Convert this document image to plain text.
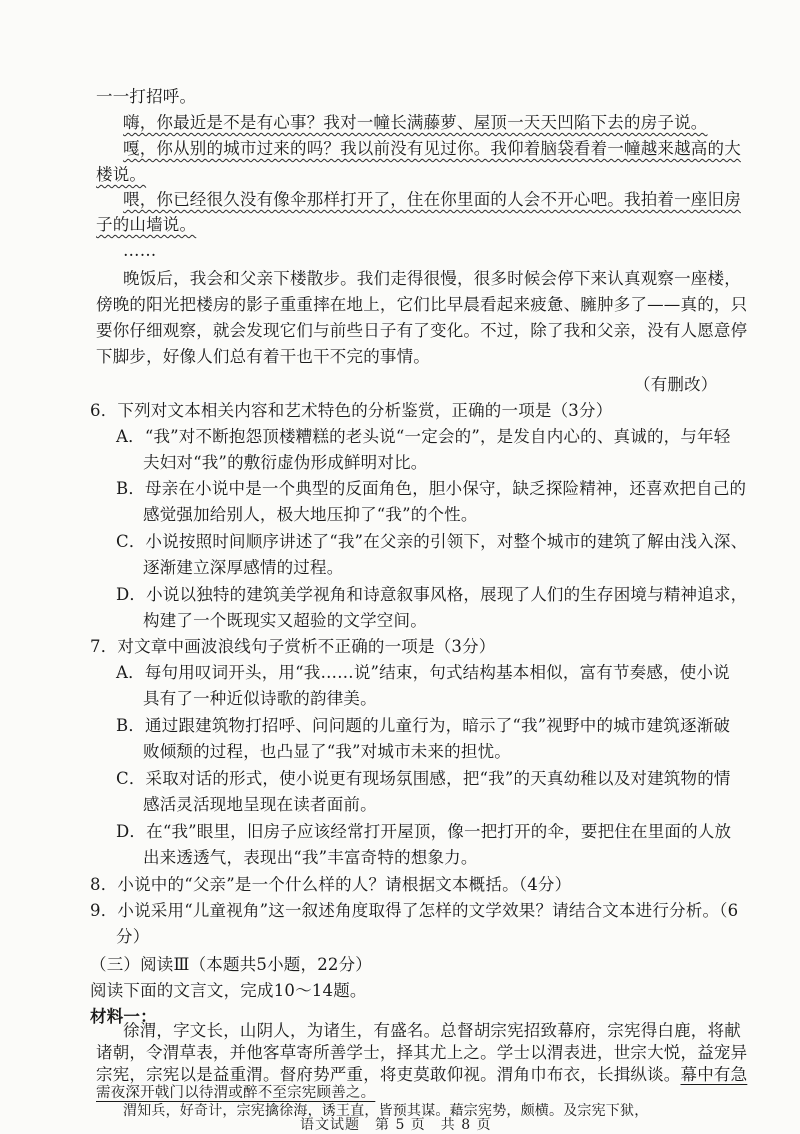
一一打招呼。
嗨，你最近是不是有心事？我对一幢长满藤萝、屋顶一天天凹陷下去的房子说。
嘎，你从别的城市过来的吗？我以前没有见过你。我仰着脑袋看着一幢越来越高的大
楼说。
喂，你已经很久没有像伞那样打开了，住在你里面的人会不开心吧。我拍着一座旧房
子的山墙说。
……
晚饭后，我会和父亲下楼散步。我们走得很慢，很多时候会停下来认真观察一座楼，
傍晚的阳光把楼房的影子重重摔在地上，它们比早晨看起来疲惫、臃肿多了——真的，只
要你仔细观察，就会发现它们与前些日子有了变化。不过，除了我和父亲，没有人愿意停
下脚步，好像人们总有着干也干不完的事情。
（有删改）
6．下列对文本相关内容和艺术特色的分析鉴赏，正确的一项是（3分）
A．“我”对不断抱怨顶楼糟糕的老头说“一定会的”，是发自内心的、真诚的，与年轻
夫妇对“我”的敷衍虚伪形成鲜明对比。
B．母亲在小说中是一个典型的反面角色，胆小保守，缺乏探险精神，还喜欢把自己的
感觉强加给别人，极大地压抑了“我”的个性。
C．小说按照时间顺序讲述了“我”在父亲的引领下，对整个城市的建筑了解由浅入深、
逐渐建立深厚感情的过程。
D．小说以独特的建筑美学视角和诗意叙事风格，展现了人们的生存困境与精神追求，
构建了一个既现实又超验的文学空间。
7．对文章中画波浪线句子赏析不正确的一项是（3分）
A．每句用叹词开头，用“我……说”结束，句式结构基本相似，富有节奏感，使小说
具有了一种近似诗歌的韵律美。
B．通过跟建筑物打招呼、问问题的儿童行为，暗示了“我”视野中的城市建筑逐渐破
败倾颓的过程，也凸显了“我”对城市未来的担忧。
C．采取对话的形式，使小说更有现场氛围感，把“我”的天真幼稚以及对建筑物的情
感活灵活现地呈现在读者面前。
D．在“我”眼里，旧房子应该经常打开屋顶，像一把打开的伞，要把住在里面的人放
出来透透气，表现出“我”丰富奇特的想象力。
8．小说中的“父亲”是一个什么样的人？请根据文本概括。（4分）
9．小说采用“儿童视角”这一叙述角度取得了怎样的文学效果？请结合文本进行分析。（6
分）
（三）阅读Ⅲ（本题共5小题，22分）
阅读下面的文言文，完成10～14题。
材料一：
徐渭，字文长，山阴人，为诸生，有盛名。总督胡宗宪招致幕府，宗宪得白鹿，将献
诸朝，令渭草表，并他客草寄所善学士，择其尤上之。学士以渭表进，世宗大悦，益宠异
宗宪，宗宪以是益重渭。督府势严重，将吏莫敢仰视。渭角巾布衣，长揖纵谈。幕中有急
需夜深开戟门以待渭或醉不至宗宪顾善之。
语文试题　第 5 页　共 8 页
渭知兵，好奇计，宗宪擒徐海，诱王直，皆预其谋。藉宗宪势，颇横。及宗宪下狱，
